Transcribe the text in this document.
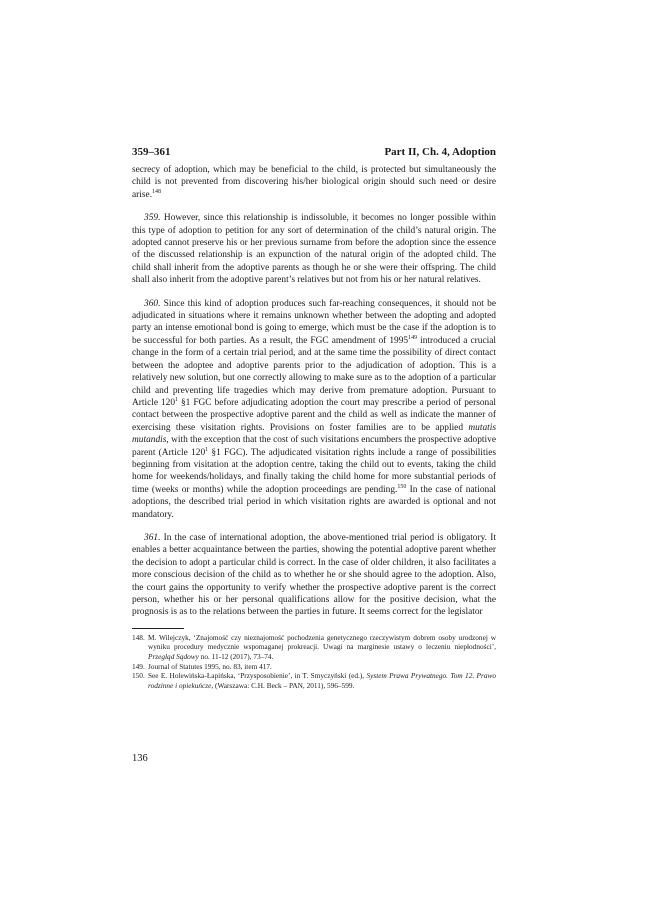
359–361	Part II, Ch. 4, Adoption

secrecy of adoption, which may be beneficial to the child, is protected but simultaneously the child is not prevented from discovering his/her biological origin should such need or desire arise.$^{148}$

359. However, since this relationship is indissoluble, it becomes no longer possible within this type of adoption to petition for any sort of determination of the child’s natural origin. The adopted cannot preserve his or her previous surname from before the adoption since the essence of the discussed relationship is an expunction of the natural origin of the adopted child. The child shall inherit from the adoptive parents as though he or she were their offspring. The child shall also inherit from the adoptive parent’s relatives but not from his or her natural relatives.

360. Since this kind of adoption produces such far-reaching consequences, it should not be adjudicated in situations where it remains unknown whether between the adopting and adopted party an intense emotional bond is going to emerge, which must be the case if the adoption is to be successful for both parties. As a result, the FGC amendment of 1995$^{149}$ introduced a crucial change in the form of a certain trial period, and at the same time the possibility of direct contact between the adoptee and adoptive parents prior to the adjudication of adoption. This is a relatively new solution, but one correctly allowing to make sure as to the adoption of a particular child and preventing life tragedies which may derive from premature adoption. Pursuant to Article $120^1$ §1 FGC before adjudicating adoption the court may prescribe a period of personal contact between the prospective adoptive parent and the child as well as indicate the manner of exercising these visitation rights. Provisions on foster families are to be applied mutatis mutandis, with the exception that the cost of such visitations encumbers the prospective adoptive parent (Article $120^1$ §1 FGC). The adjudicated visitation rights include a range of possibilities beginning from visitation at the adoption centre, taking the child out to events, taking the child home for weekends/holidays, and finally taking the child home for more substantial periods of time (weeks or months) while the adoption proceedings are pending.$^{150}$ In the case of national adoptions, the described trial period in which visitation rights are awarded is optional and not mandatory.

361. In the case of international adoption, the above-mentioned trial period is obligatory. It enables a better acquaintance between the parties, showing the potential adoptive parent whether the decision to adopt a particular child is correct. In the case of older children, it also facilitates a more conscious decision of the child as to whether he or she should agree to the adoption. Also, the court gains the opportunity to verify whether the prospective adoptive parent is the correct person, whether his or her personal qualifications allow for the positive decision, what the prognosis is as to the relations between the parties in future. It seems correct for the legislator

148. M. Wilejczyk, ‘Znajomość czy nieznajomość pochodzenia genetycznego rzeczywistym dobrem osoby urodzonej w wyniku procedury medycznie wspomaganej prokreacji. Uwagi na marginesie ustawy o leczeniu niepłodności’, Przegląd Sądowy no. 11-12 (2017), 73–74.
149. Journal of Statutes 1995, no. 83, item 417.
150. See E. Holewińska-Łapińska, ‘Przysposobienie’, in T. Smyczyński (ed.), System Prawa Prywatnego. Tom 12. Prawo rodzinne i opiekuńcze, (Warszawa: C.H. Beck – PAN, 2011), 596–599.
136
